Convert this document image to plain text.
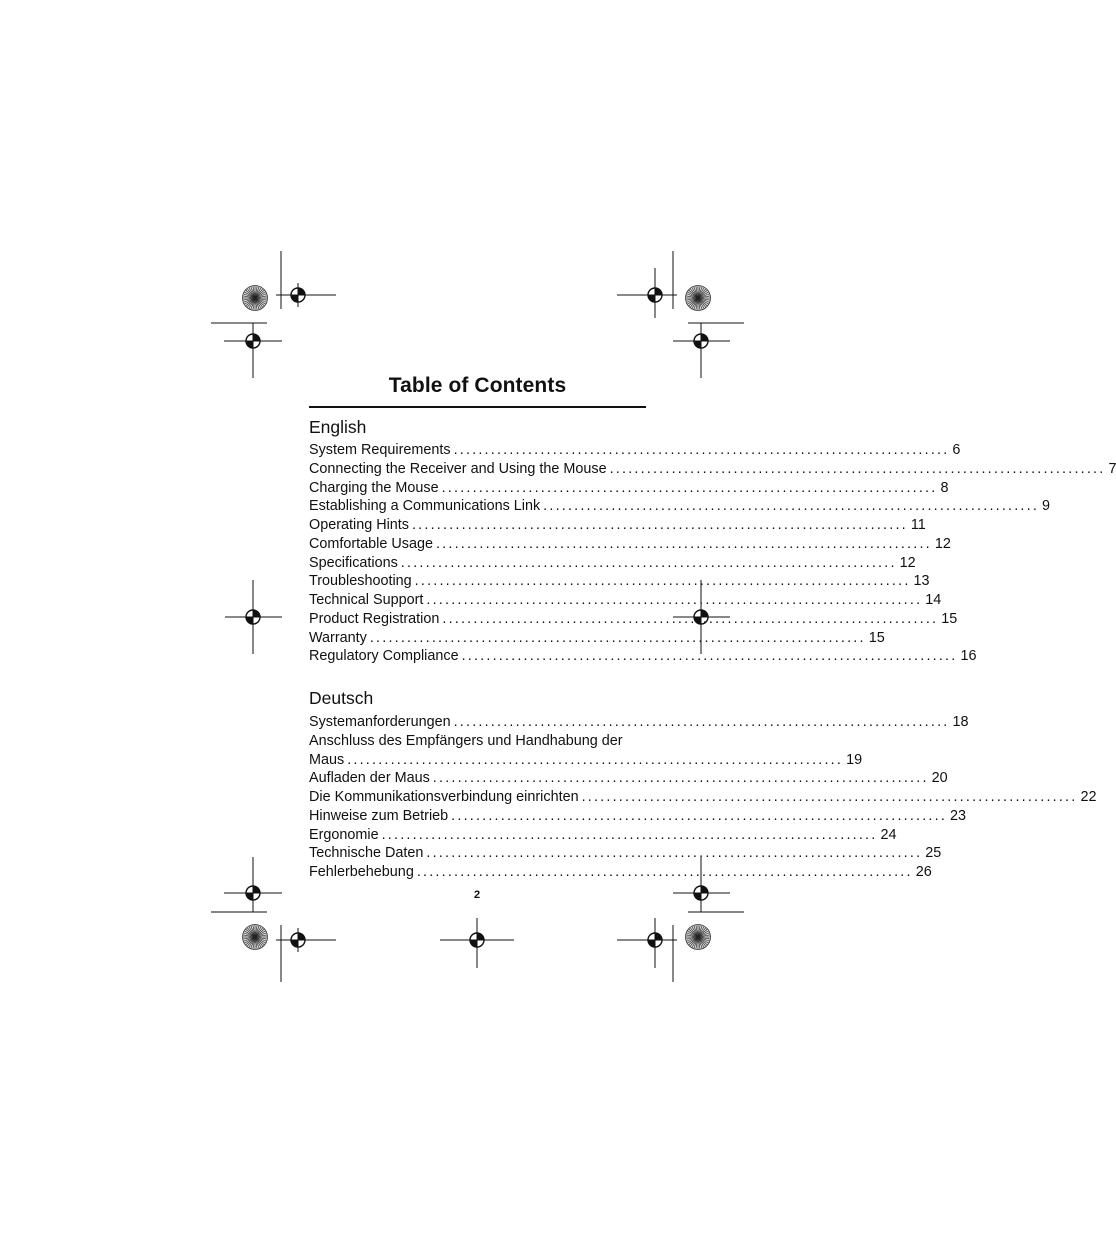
Table of Contents
English
System Requirements ................................................................................ 6
Connecting the Receiver and Using the Mouse ................................................................................ 7
Charging the Mouse ................................................................................ 8
Establishing a Communications Link ................................................................................ 9
Operating Hints ................................................................................ 11
Comfortable Usage ................................................................................ 12
Specifications ................................................................................ 12
Troubleshooting ................................................................................ 13
Technical Support ................................................................................ 14
Product Registration ................................................................................ 15
Warranty ................................................................................ 15
Regulatory Compliance ................................................................................ 16
Deutsch
Systemanforderungen ................................................................................ 18
Anschluss des Empfängers und Handhabung der
Maus ................................................................................ 19
Aufladen der Maus ................................................................................ 20
Die Kommunikationsverbindung einrichten ................................................................................ 22
Hinweise zum Betrieb ................................................................................ 23
Ergonomie ................................................................................ 24
Technische Daten ................................................................................ 25
Fehlerbehebung ................................................................................ 26
2
